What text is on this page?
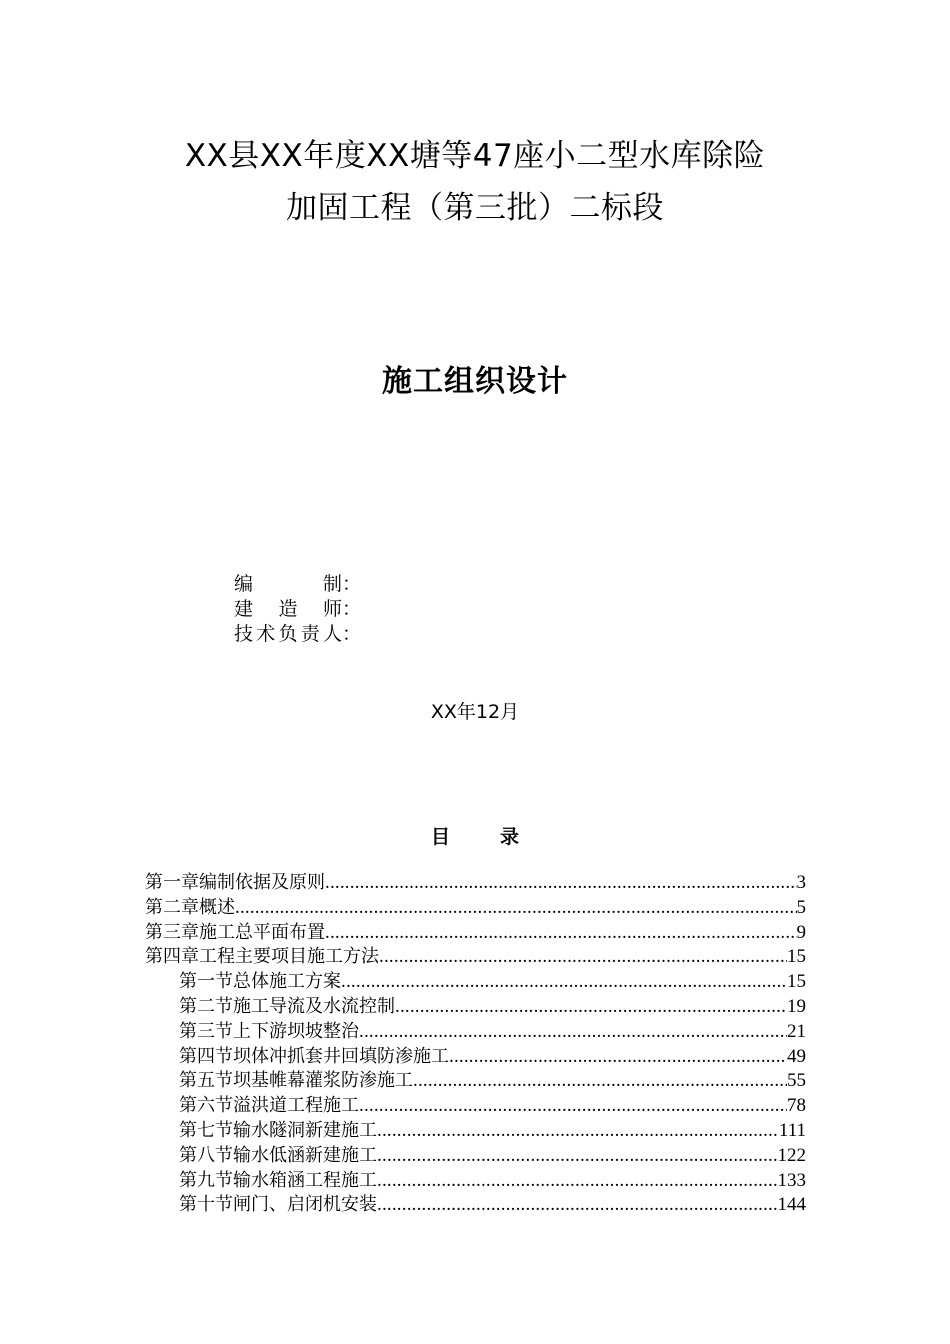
XX县XX年度XX塘等47座小二型水库除险
加固工程（第三批）二标段
施工组织设计
编制 ：
建造师 ：
技术负责人 ：
XX年12月
目	录
第一章编制依据及原则 .....	3
第二章概述 .....	5
第三章施工总平面布置 .....	9
第四章工程主要项目施工方法 .....	15
第一节总体施工方案 .....	15
第二节施工导流及水流控制 .....	19
第三节上下游坝坡整治 .....	21
第四节坝体冲抓套井回填防渗施工 .....	49
第五节坝基帷幕灌浆防渗施工 .....	55
第六节溢洪道工程施工 .....	78
第七节输水隧洞新建施工 .....	111
第八节输水低涵新建施工 .....	122
第九节输水箱涵工程施工 .....	133
第十节闸门、启闭机安装 .....	144
